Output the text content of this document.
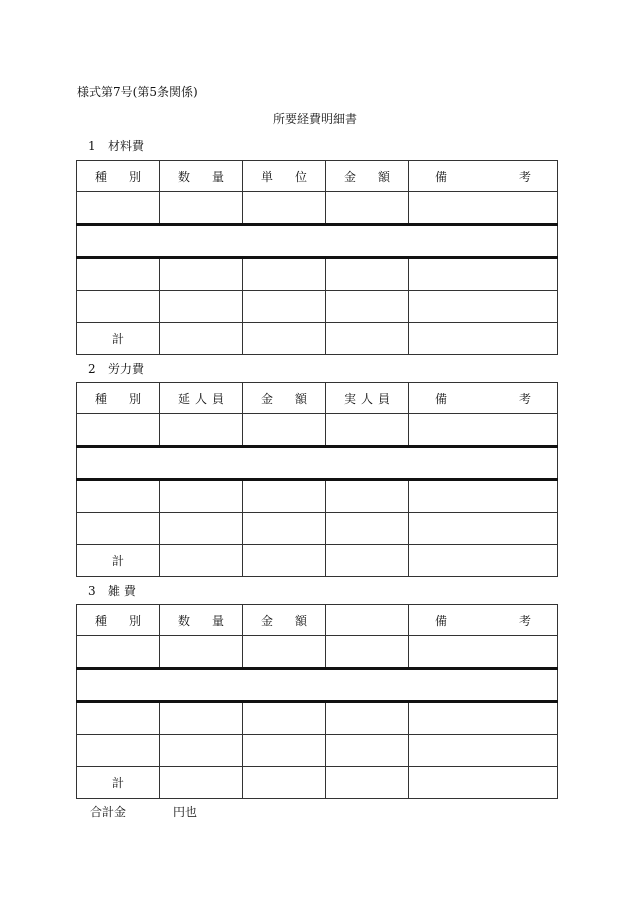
様式第7号(第5条関係)
所要経費明細書
1 材料費
種 別	数 量	単 位	金 額	備 考

計				
2 労力費
種 別	延 人 員	金 額	実 人 員	備 考

計				
3 雑 費
種 別	数 量	金 額		備 考

計				
合計金	円也
